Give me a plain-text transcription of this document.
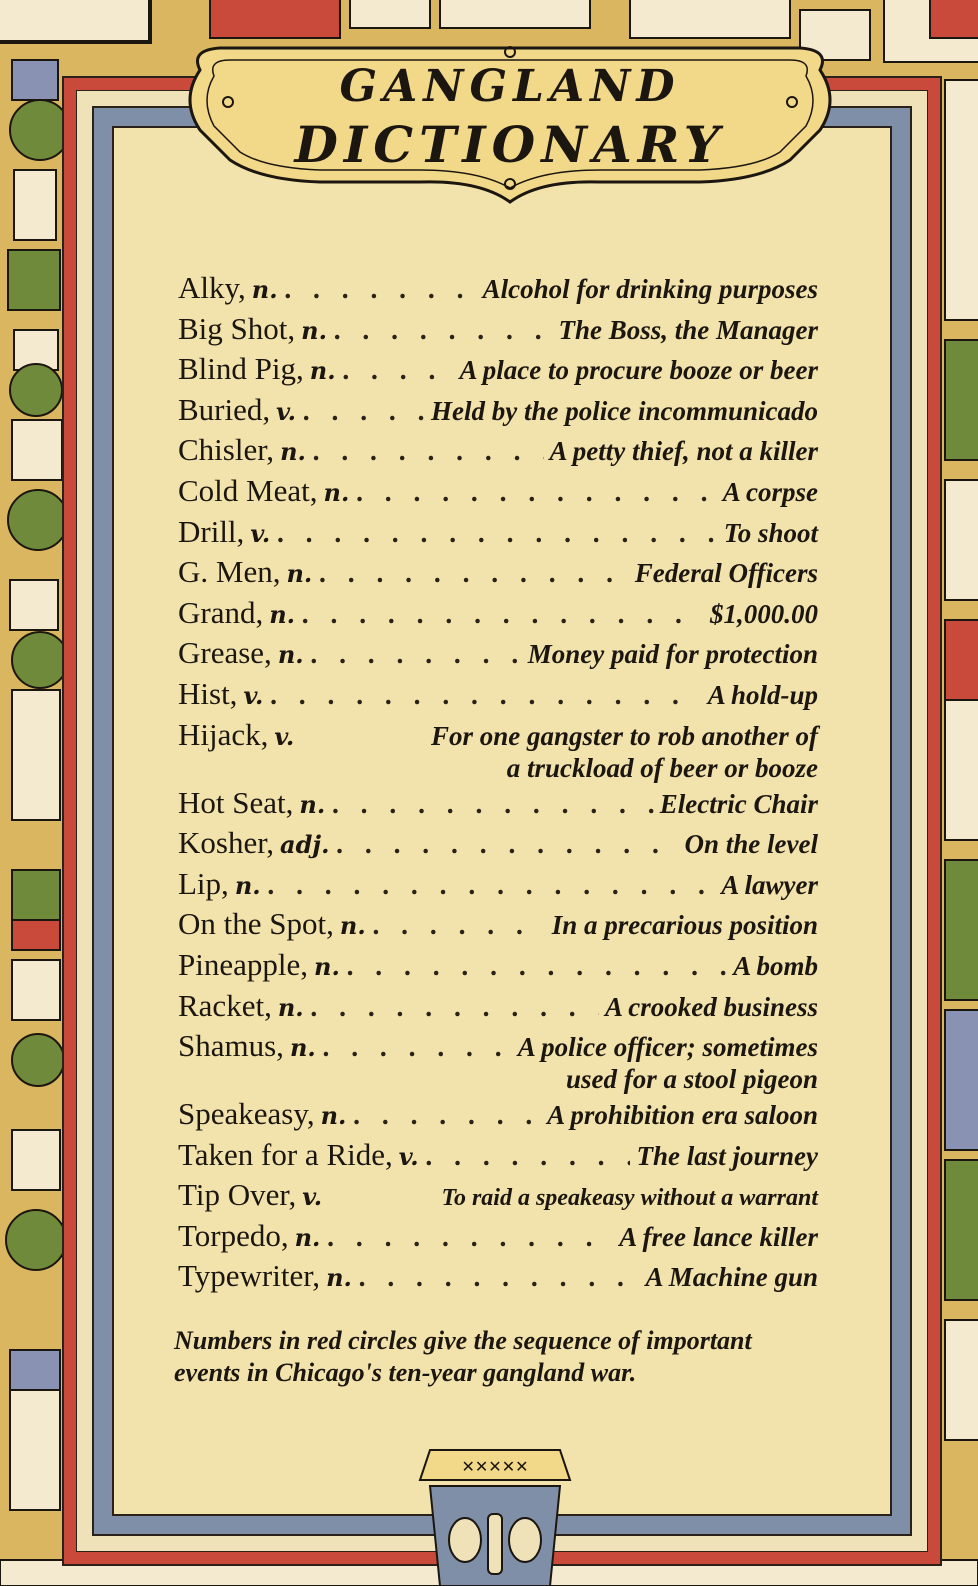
GANGLAND
DICTIONARY
Alky, n. . . .	Alcohol for drinking purposes
Big Shot, n. . . .	The Boss, the Manager
Blind Pig, n. . . .	A place to procure booze or beer
Buried, v. . . .	Held by the police incommunicado
Chisler, n. . . .	A petty thief, not a killer
Cold Meat, n. . . .	A corpse
Drill, v. . . .	To shoot
G. Men, n. . . .	Federal Officers
Grand, n. . . .	$1,000.00
Grease, n. . . .	Money paid for protection
Hist, v. . . .	A hold-up
Hijack, v.	For one gangster to rob another of
a truckload of beer or booze
Hot Seat, n. . . .	Electric Chair
Kosher, adj. . . .	On the level
Lip, n. . . .	A lawyer
On the Spot, n. . . .	In a precarious position
Pineapple, n. . . .	A bomb
Racket, n. . . .	A crooked business
Shamus, n. . . .	A police officer; sometimes
used for a stool pigeon
Speakeasy, n. . . .	A prohibition era saloon
Taken for a Ride, v. . . .	The last journey
Tip Over, v.	To raid a speakeasy without a warrant
Torpedo, n. . . .	A free lance killer
Typewriter, n. . . .	A Machine gun
Numbers in red circles give the sequence of important events in Chicago's ten-year gangland war.
✕✕✕✕✕
